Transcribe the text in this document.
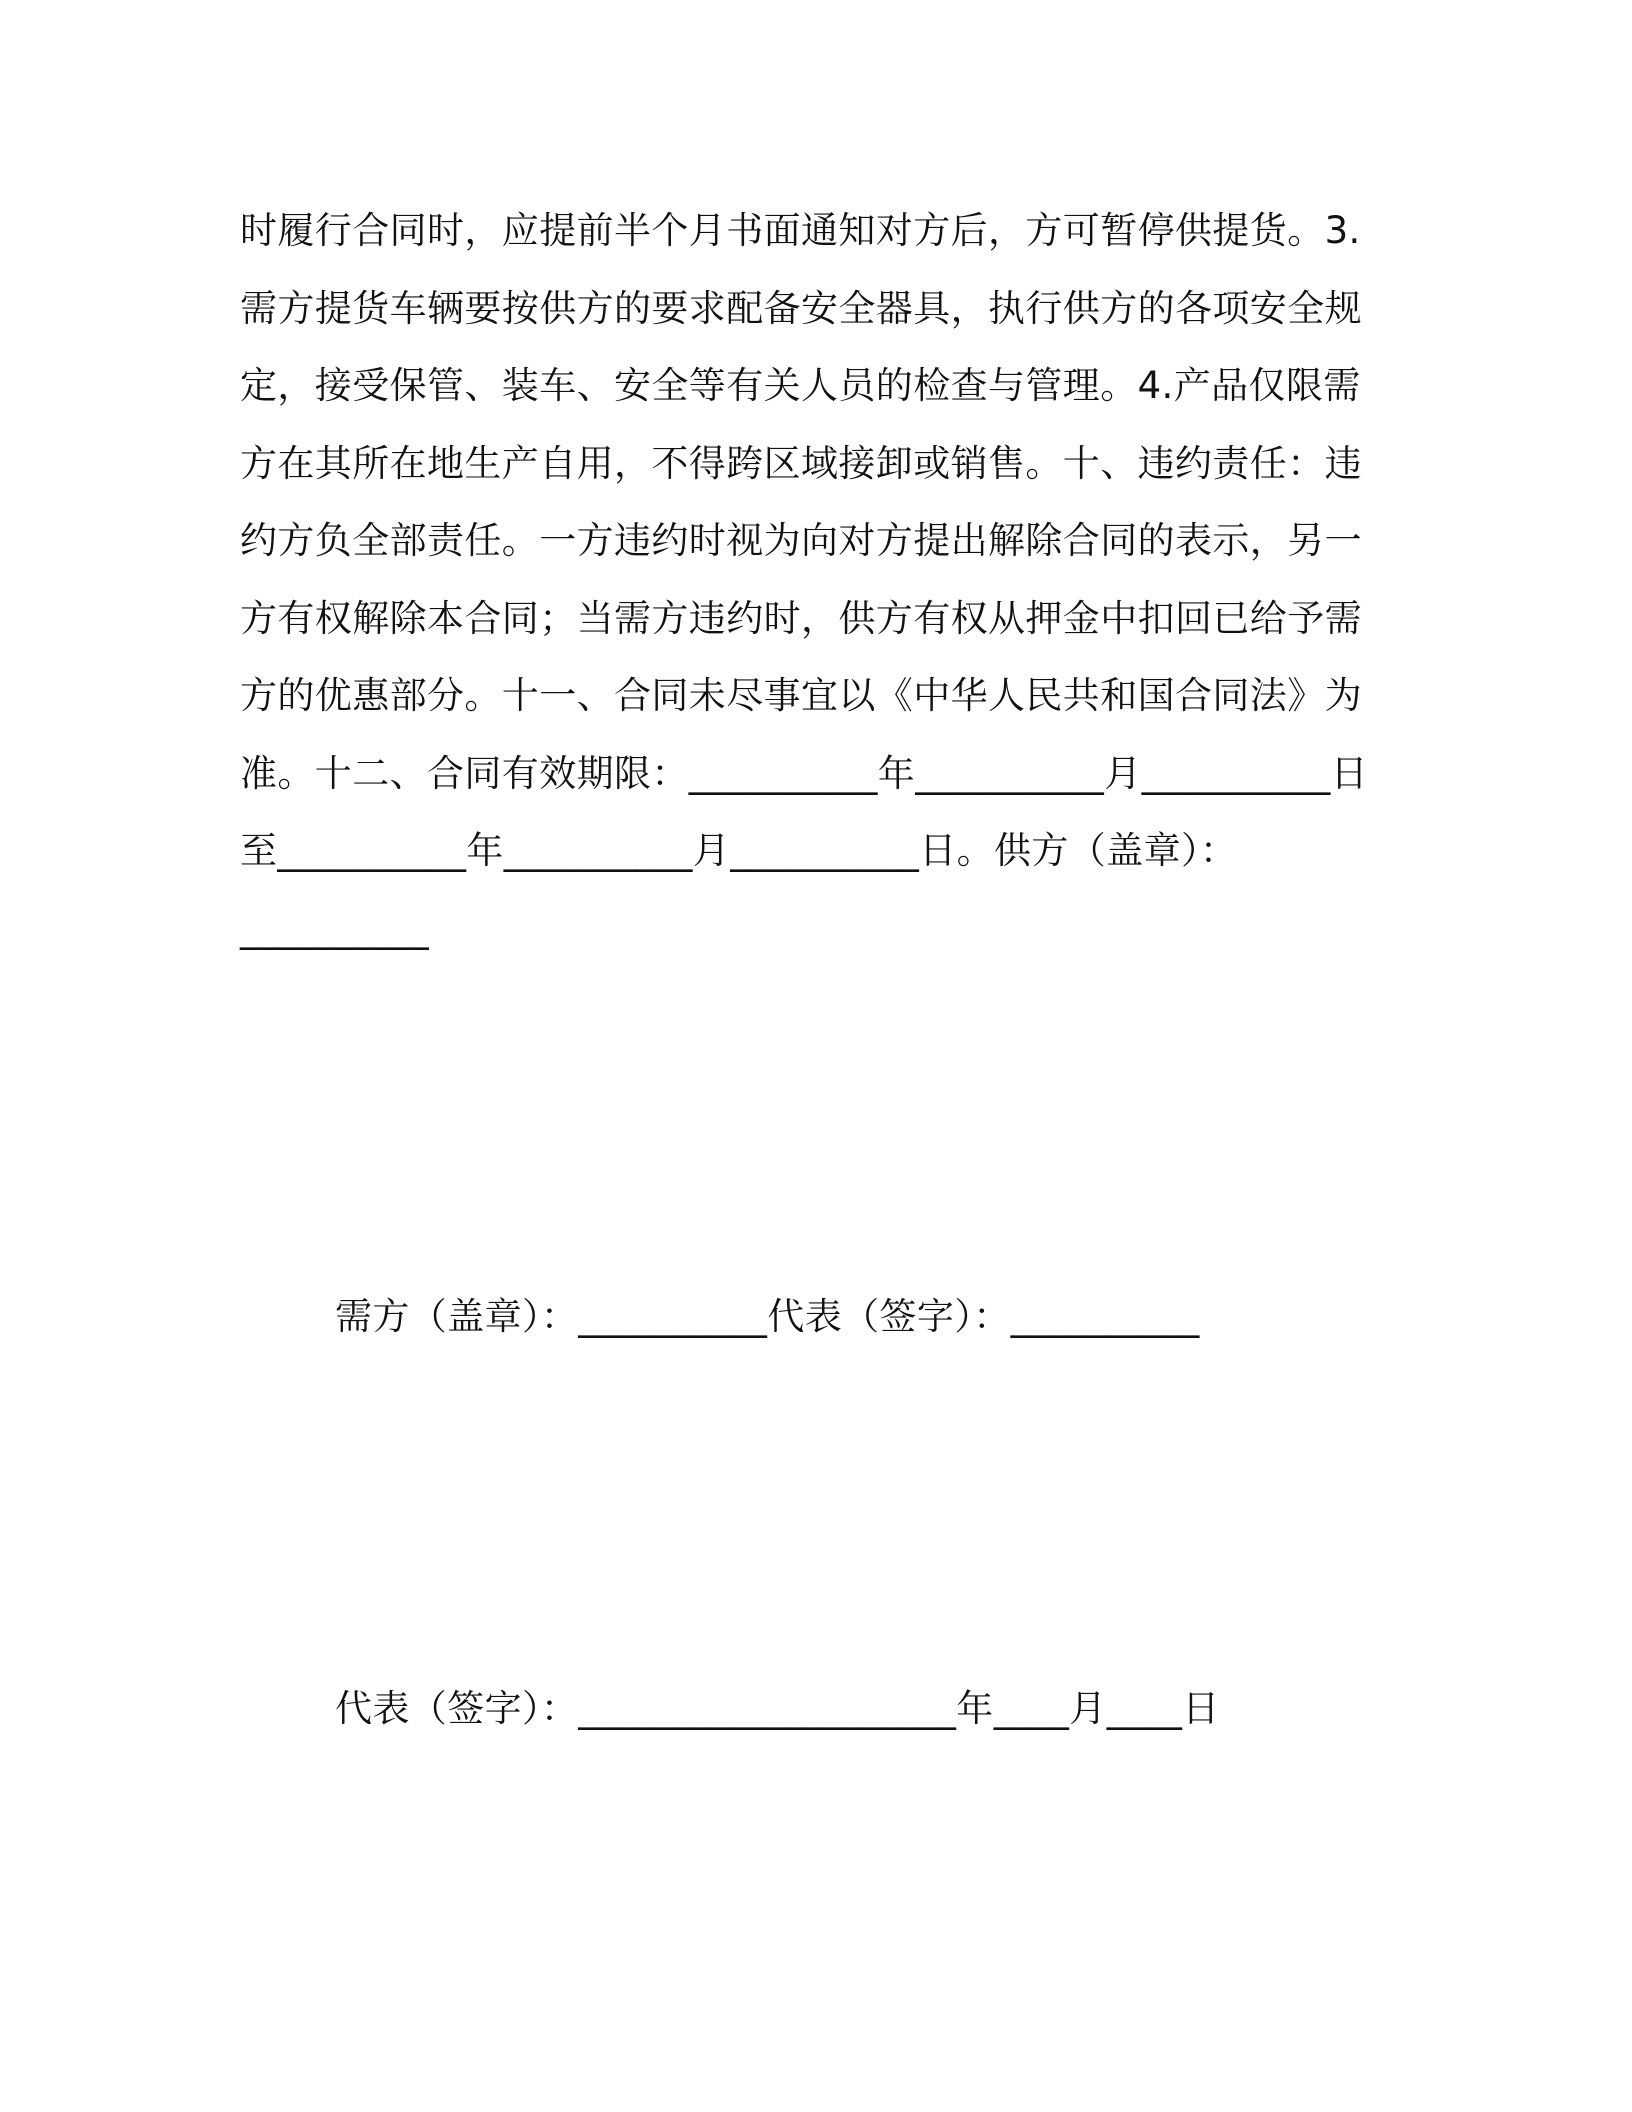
时履行合同时，应提前半个月书面通知对方后，方可暂停供提货。3.
需方提货车辆要按供方的要求配备安全器具，执行供方的各项安全规
定，接受保管、装车、安全等有关人员的检查与管理。4.产品仅限需
方在其所在地生产自用，不得跨区域接卸或销售。十、违约责任：违
约方负全部责任。一方违约时视为向对方提出解除合同的表示，另一
方有权解除本合同；当需方违约时，供方有权从押金中扣回已给予需
方的优惠部分。十一、合同未尽事宜以《中华人民共和国合同法》为
准。十二、合同有效期限：__________年__________月__________日
至__________年__________月__________日。供方（盖章）：
__________
需方（盖章）：__________代表（签字）：__________
代表（签字）：____________________年____月____日
